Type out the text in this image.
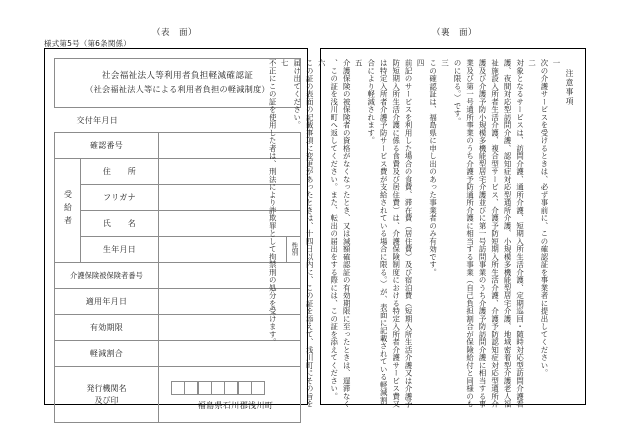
（表　面）
様式第5号（第6条関係）
（裏　面）
社会福祉法人等利用者負担軽減確認証
（社会福祉法人等による利用者負担の軽減制度）			

交付年月日			
確認番号			
受給者	住　　所		
	フリガナ		
	氏　　名		
	生年月日		性別
介護保険被保険者番号			
適用年月日			
有効期限			
軽減割合			

発行機関名
及び印		福島県石川郡浅川町	
注意事項
一
次の介護サービスを受けるときは、必ず事前に、この確認証を事業者に提出してください。
二
対象となるサービスは、訪問介護、通所介護、短期入所生活介護、定期巡回・随時対応型訪問介護看
護、夜間対応型訪問介護、認知症対応型通所介護、小規模多機能型居宅介護、地域密着型介護老人福
祉施設入所者生活介護、複合型サービス、介護予防短期入所生活介護、介護予防認知症対応型通所介
護及び介護予防小規模多機能型居宅介護並びに第一号訪問事業のうち介護予防訪問介護に相当する事
業及び第一号通所事業のうち介護予防通所介護に相当する事業（自己負担割合が保険給付と同様のも
のに限る。）です。
三
この確認証は、福島県に申し出のあった事業者のみ有効です。
四
前記のサービスを利用した場合の食費、滞在費（居住費）及び宿泊費（短期入所生活介護又は介護予
防短期入所生活介護に係る食費及び居住費）は、介護保険制度における特定入所者介護サービス費又
は特定入所者介護予防サービス費が支給されている場合に限る。）が、表面に記載されている軽減割
合により軽減されます。
五
介護保険の被保険者の資格がなくなったとき、又は減額確認証の有効期限に至ったときは、遅滞なく
、この証を浅川町へ返してください。また、転出の届出をする際には、この証を添えてください。
六
この証の表面の記載事項に変更があったときは、十四日以内に、この証を添えて、浅川町にその旨を
届け出てください。
七
不正にこの証を使用した者は、刑法により詐欺罪として拘禁刑の処分を受けます。
